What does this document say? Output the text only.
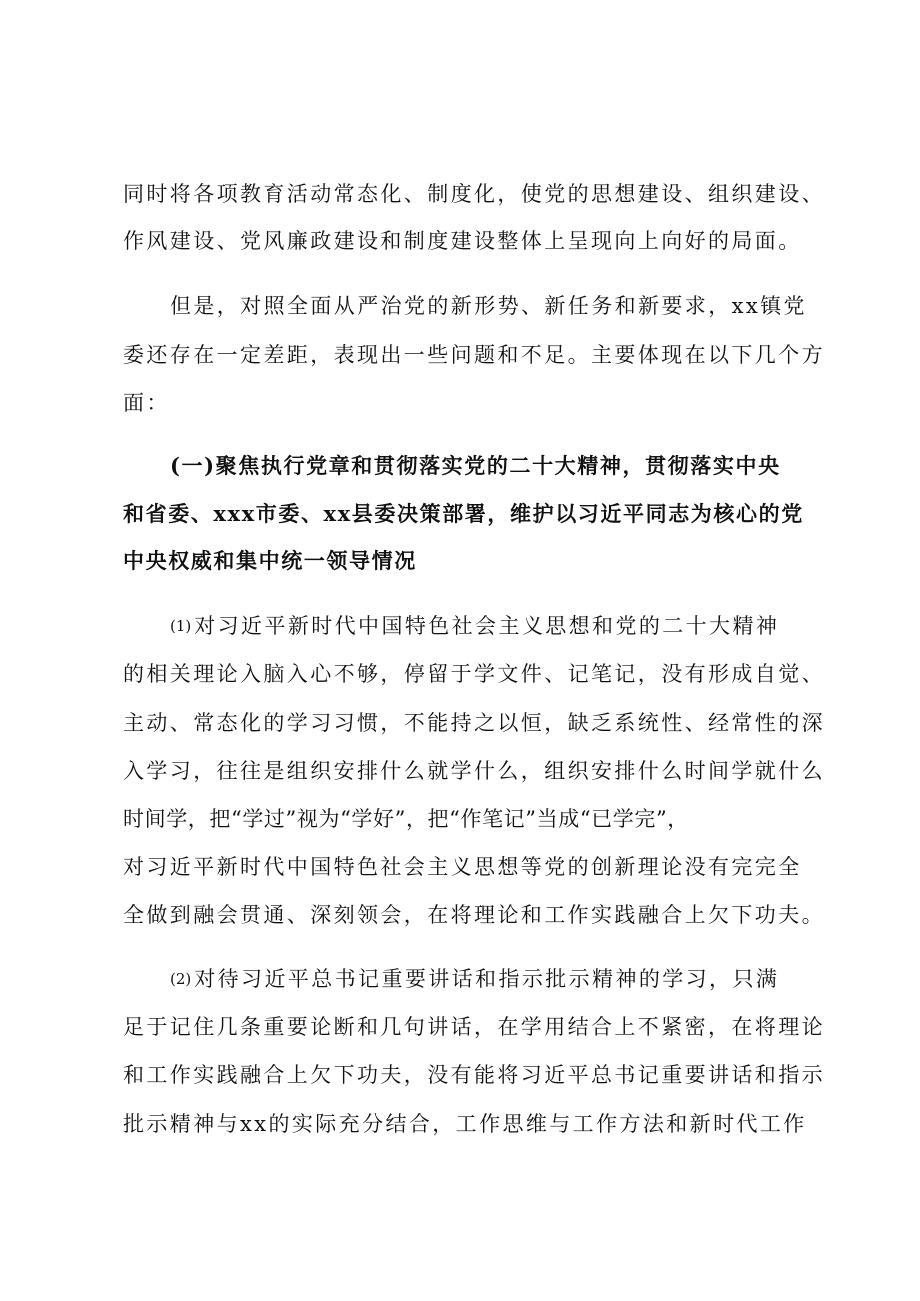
同时将各项教育活动常态化、制度化，使党的思想建设、组织建设、
作风建设、党风廉政建设和制度建设整体上呈现向上向好的局面。
但是，对照全面从严治党的新形势、新任务和新要求，xx镇党
委还存在一定差距，表现出一些问题和不足。主要体现在以下几个方
面：
(一)聚焦执行党章和贯彻落实党的二十大精神，贯彻落实中央
和省委、xxx市委、xx县委决策部署，维护以习近平同志为核心的党
中央权威和集中统一领导情况
(1) 对习近平新时代中国特色社会主义思想和党的二十大精神
的相关理论入脑入心不够，停留于学文件、记笔记，没有形成自觉、
主动、常态化的学习习惯，不能持之以恒，缺乏系统性、经常性的深
入学习，往往是组织安排什么就学什么，组织安排什么时间学就什么
时间学，把“学过”视为“学好”，把“作笔记”当成“已学完”，
对习近平新时代中国特色社会主义思想等党的创新理论没有完完全
全做到融会贯通、深刻领会，在将理论和工作实践融合上欠下功夫。
(2) 对待习近平总书记重要讲话和指示批示精神的学习，只满
足于记住几条重要论断和几句讲话，在学用结合上不紧密，在将理论
和工作实践融合上欠下功夫，没有能将习近平总书记重要讲话和指示
批示精神与xx的实际充分结合，工作思维与工作方法和新时代工作
